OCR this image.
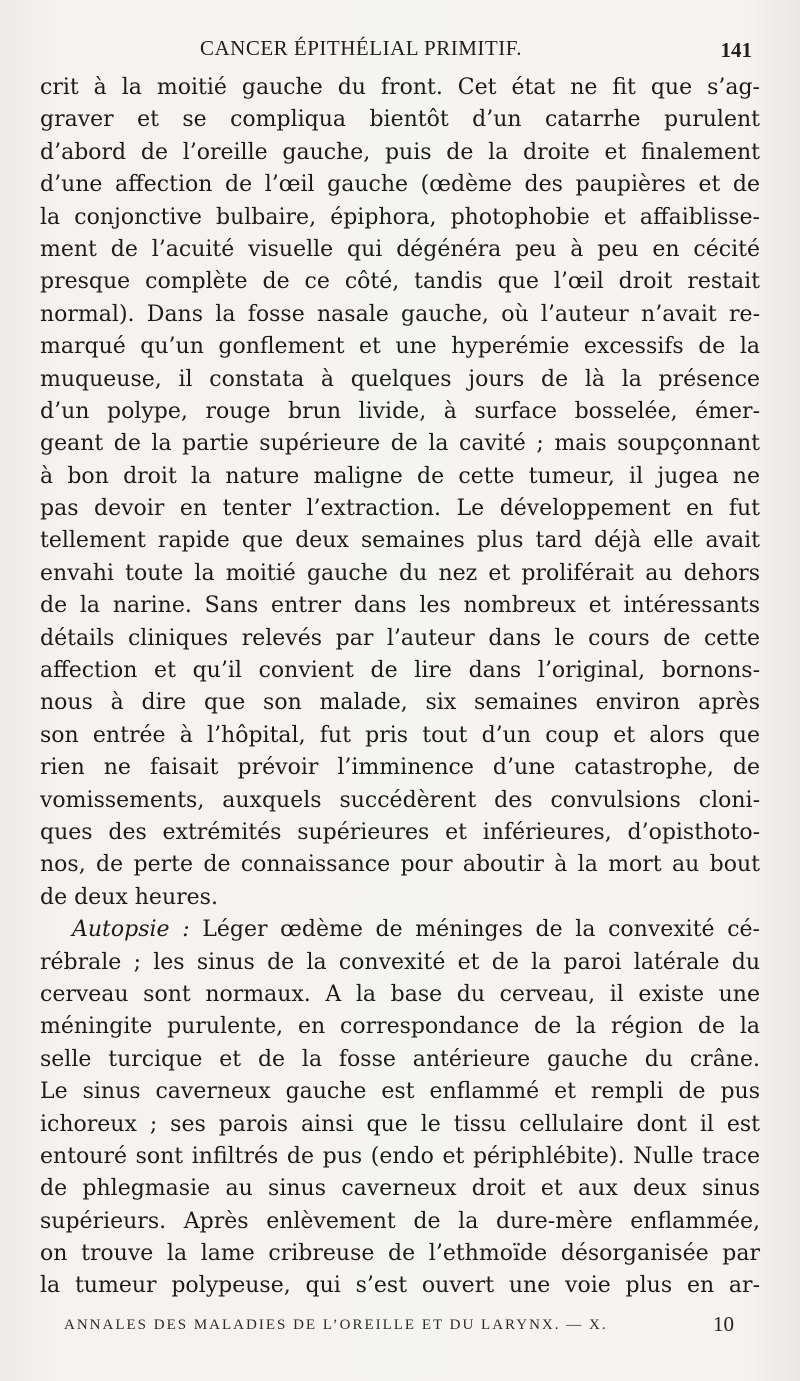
CANCER ÉPITHÉLIAL PRIMITIF.	141
crit à la moitié gauche du front. Cet état ne fit que s’ag-
graver et se compliqua bientôt d’un catarrhe purulent
d’abord de l’oreille gauche, puis de la droite et finalement
d’une affection de l’œil gauche (œdème des paupières et de
la conjonctive bulbaire, épiphora, photophobie et affaiblisse-
ment de l’acuité visuelle qui dégénéra peu à peu en cécité
presque complète de ce côté, tandis que l’œil droit restait
normal). Dans la fosse nasale gauche, où l’auteur n’avait re-
marqué qu’un gonflement et une hyperémie excessifs de la
muqueuse, il constata à quelques jours de là la présence
d’un polype, rouge brun livide, à surface bosselée, émer-
geant de la partie supérieure de la cavité ; mais soupçonnant
à bon droit la nature maligne de cette tumeur, il jugea ne
pas devoir en tenter l’extraction. Le développement en fut
tellement rapide que deux semaines plus tard déjà elle avait
envahi toute la moitié gauche du nez et proliférait au dehors
de la narine. Sans entrer dans les nombreux et intéressants
détails cliniques relevés par l’auteur dans le cours de cette
affection et qu’il convient de lire dans l’original, bornons-
nous à dire que son malade, six semaines environ après
son entrée à l’hôpital, fut pris tout d’un coup et alors que
rien ne faisait prévoir l’imminence d’une catastrophe, de
vomissements, auxquels succédèrent des convulsions cloni-
ques des extrémités supérieures et inférieures, d’opisthoto-
nos, de perte de connaissance pour aboutir à la mort au bout
de deux heures.
Autopsie : Léger œdème de méninges de la convexité cé-
rébrale ; les sinus de la convexité et de la paroi latérale du
cerveau sont normaux. A la base du cerveau, il existe une
méningite purulente, en correspondance de la région de la
selle turcique et de la fosse antérieure gauche du crâne.
Le sinus caverneux gauche est enflammé et rempli de pus
ichoreux ; ses parois ainsi que le tissu cellulaire dont il est
entouré sont infiltrés de pus (endo et périphlébite). Nulle trace
de phlegmasie au sinus caverneux droit et aux deux sinus
supérieurs. Après enlèvement de la dure-mère enflammée,
on trouve la lame cribreuse de l’ethmoïde désorganisée par
la tumeur polypeuse, qui s’est ouvert une voie plus en ar-
ANNALES DES MALADIES DE L’OREILLE ET DU LARYNX. — X.	10
